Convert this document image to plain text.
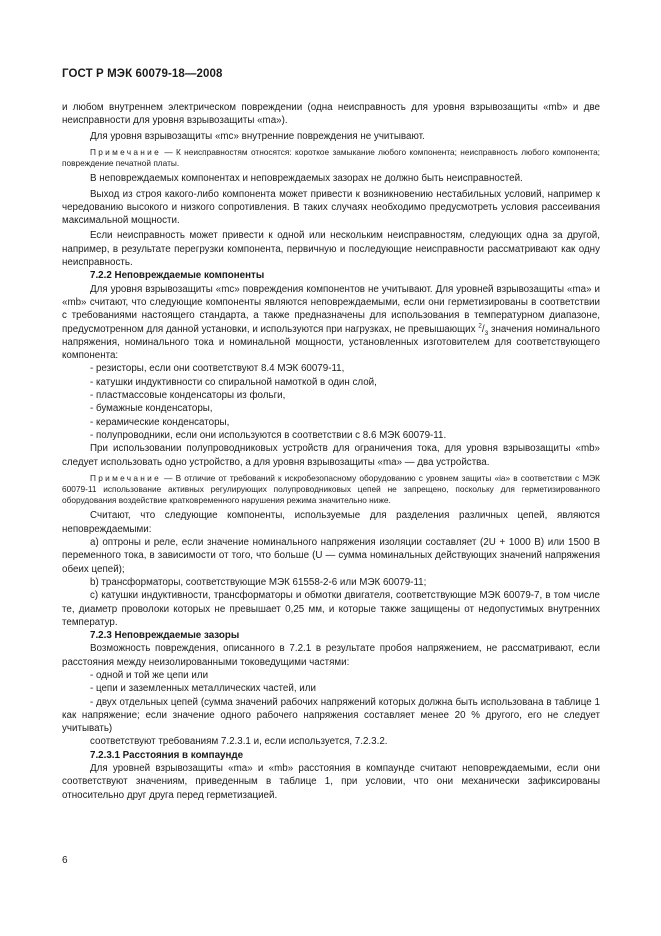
ГОСТ Р МЭК 60079-18—2008

и любом внутреннем электрическом повреждении (одна неисправность для уровня взрывозащиты «mb» и две неисправности для уровня взрывозащиты «ma»).

Для уровня взрывозащиты «mc» внутренние повреждения не учитывают.

Примечание — К неисправностям относятся: короткое замыкание любого компонента; неисправность любого компонента; повреждение печатной платы.

В неповреждаемых компонентах и неповреждаемых зазорах не должно быть неисправностей.

Выход из строя какого-либо компонента может привести к возникновению нестабильных условий, например к чередованию высокого и низкого сопротивления. В таких случаях необходимо предусмотреть условия рассеивания максимальной мощности.

Если неисправность может привести к одной или нескольким неисправностям, следующих одна за другой, например, в результате перегрузки компонента, первичную и последующие неисправности рассматривают как одну неисправность.

7.2.2 Неповреждаемые компоненты

Для уровня взрывозащиты «mc» повреждения компонентов не учитывают. Для уровней взрывозащиты «ma» и «mb» считают, что следующие компоненты являются неповреждаемыми, если они герметизированы в соответствии с требованиями настоящего стандарта, а также предназначены для использования в температурном диапазоне, предусмотренном для данной установки, и используются при нагрузках, не превышающих $^2/_3$ значения номинального напряжения, номинального тока и номинальной мощности, установленных изготовителем для соответствующего компонента:

- резисторы, если они соответствуют 8.4 МЭК 60079-11,

- катушки индуктивности со спиральной намоткой в один слой,

- пластмассовые конденсаторы из фольги,

- бумажные конденсаторы,

- керамические конденсаторы,

- полупроводники, если они используются в соответствии с 8.6 МЭК 60079-11.

При использовании полупроводниковых устройств для ограничения тока, для уровня взрывозащиты «mb» следует использовать одно устройство, а для уровня взрывозащиты «ma» — два устройства.

Примечание — В отличие от требований к искробезопасному оборудованию с уровнем защиты «ia» в соответствии с МЭК 60079-11 использование активных регулирующих полупроводниковых цепей не запрещено, поскольку для герметизированного оборудования воздействие кратковременного нарушения режима значительно ниже.

Считают, что следующие компоненты, используемые для разделения различных цепей, являются неповреждаемыми:

a) оптроны и реле, если значение номинального напряжения изоляции составляет (2U + 1000 В) или 1500 В переменного тока, в зависимости от того, что больше (U — сумма номинальных действующих значений напряжения обеих цепей);

b) трансформаторы, соответствующие МЭК 61558-2-6 или МЭК 60079-11;

c) катушки индуктивности, трансформаторы и обмотки двигателя, соответствующие МЭК 60079-7, в том числе те, диаметр проволоки которых не превышает 0,25 мм, и которые также защищены от недопустимых внутренних температур.

7.2.3 Неповреждаемые зазоры

Возможность повреждения, описанного в 7.2.1 в результате пробоя напряжением, не рассматривают, если расстояния между неизолированными токоведущими частями:

- одной и той же цепи или

- цепи и заземленных металлических частей, или

- двух отдельных цепей (сумма значений рабочих напряжений которых должна быть использована в таблице 1 как напряжение; если значение одного рабочего напряжения составляет менее 20 % другого, его не следует учитывать)

соответствуют требованиям 7.2.3.1 и, если используется, 7.2.3.2.

7.2.3.1 Расстояния в компаунде

Для уровней взрывозащиты «ma» и «mb» расстояния в компаунде считают неповреждаемыми, если они соответствуют значениям, приведенным в таблице 1, при условии, что они механически зафиксированы относительно друг друга перед герметизацией.

6
